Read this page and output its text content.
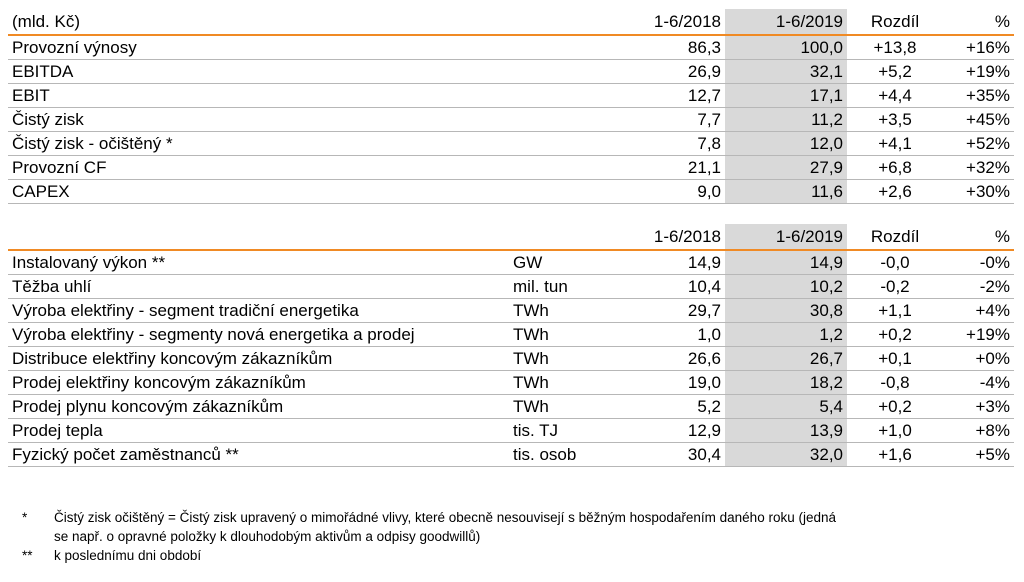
(mld. Kč)	1-6/2018	1-6/2019	Rozdíl	%
Provozní výnosy	86,3	100,0	+13,8	+16%
EBITDA	26,9	32,1	+5,2	+19%
EBIT	12,7	17,1	+4,4	+35%
Čistý zisk	7,7	11,2	+3,5	+45%
Čistý zisk - očištěný *	7,8	12,0	+4,1	+52%
Provozní CF	21,1	27,9	+6,8	+32%
CAPEX	9,0	11,6	+2,6	+30%
		1-6/2018	1-6/2019	Rozdíl	%
Instalovaný výkon **	GW	14,9	14,9	-0,0	-0%
Těžba uhlí	mil. tun	10,4	10,2	-0,2	-2%
Výroba elektřiny - segment tradiční energetika	TWh	29,7	30,8	+1,1	+4%
Výroba elektřiny - segmenty nová energetika a prodej	TWh	1,0	1,2	+0,2	+19%
Distribuce elektřiny koncovým zákazníkům	TWh	26,6	26,7	+0,1	+0%
Prodej elektřiny koncovým zákazníkům	TWh	19,0	18,2	-0,8	-4%
Prodej plynu koncovým zákazníkům	TWh	5,2	5,4	+0,2	+3%
Prodej tepla	tis. TJ	12,9	13,9	+1,0	+8%
Fyzický počet zaměstnanců **	tis. osob	30,4	32,0	+1,6	+5%
*	Čistý zisk očištěný = Čistý zisk upravený o mimořádné vlivy, které obecně nesouvisejí s běžným hospodařením daného roku (jedná
se např. o opravné položky k dlouhodobým aktivům a odpisy goodwillů)
**	k poslednímu dni období
